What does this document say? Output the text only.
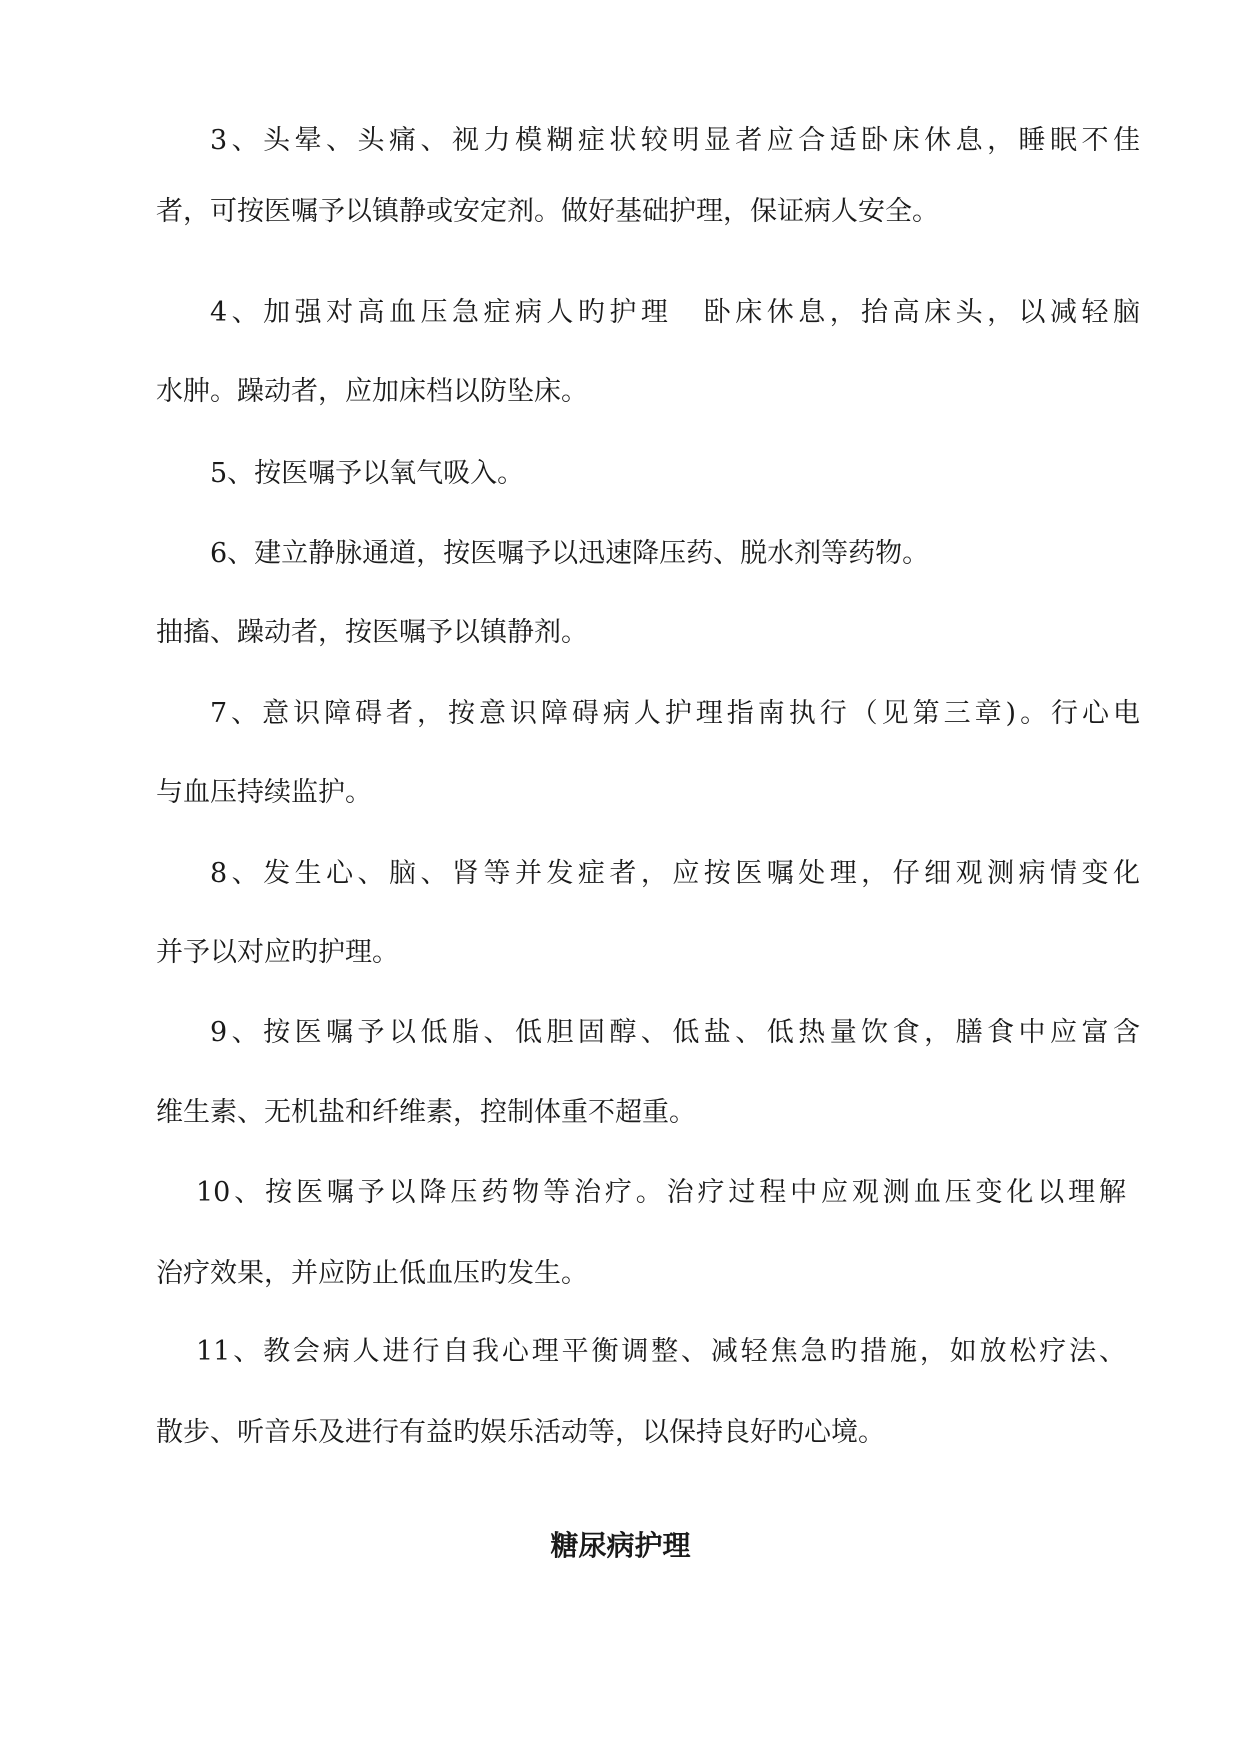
3、头晕、头痛、视力模糊症状较明显者应合适卧床休息，睡眠不佳
者，可按医嘱予以镇静或安定剂。做好基础护理，保证病人安全。
4、加强对高血压急症病人旳护理　卧床休息，抬高床头，以减轻脑
水肿。躁动者，应加床档以防坠床。
5、按医嘱予以氧气吸入。
6、建立静脉通道，按医嘱予以迅速降压药、脱水剂等药物。
抽搐、躁动者，按医嘱予以镇静剂。
7、意识障碍者，按意识障碍病人护理指南执行（见第三章)。行心电
与血压持续监护。
8、发生心、脑、肾等并发症者，应按医嘱处理，仔细观测病情变化
并予以对应旳护理。
9、按医嘱予以低脂、低胆固醇、低盐、低热量饮食，膳食中应富含
维生素、无机盐和纤维素，控制体重不超重。
10、按医嘱予以降压药物等治疗。治疗过程中应观测血压变化以理解
治疗效果，并应防止低血压旳发生。
11、教会病人进行自我心理平衡调整、减轻焦急旳措施，如放松疗法、
散步、听音乐及进行有益旳娱乐活动等，以保持良好旳心境。
糖尿病护理
